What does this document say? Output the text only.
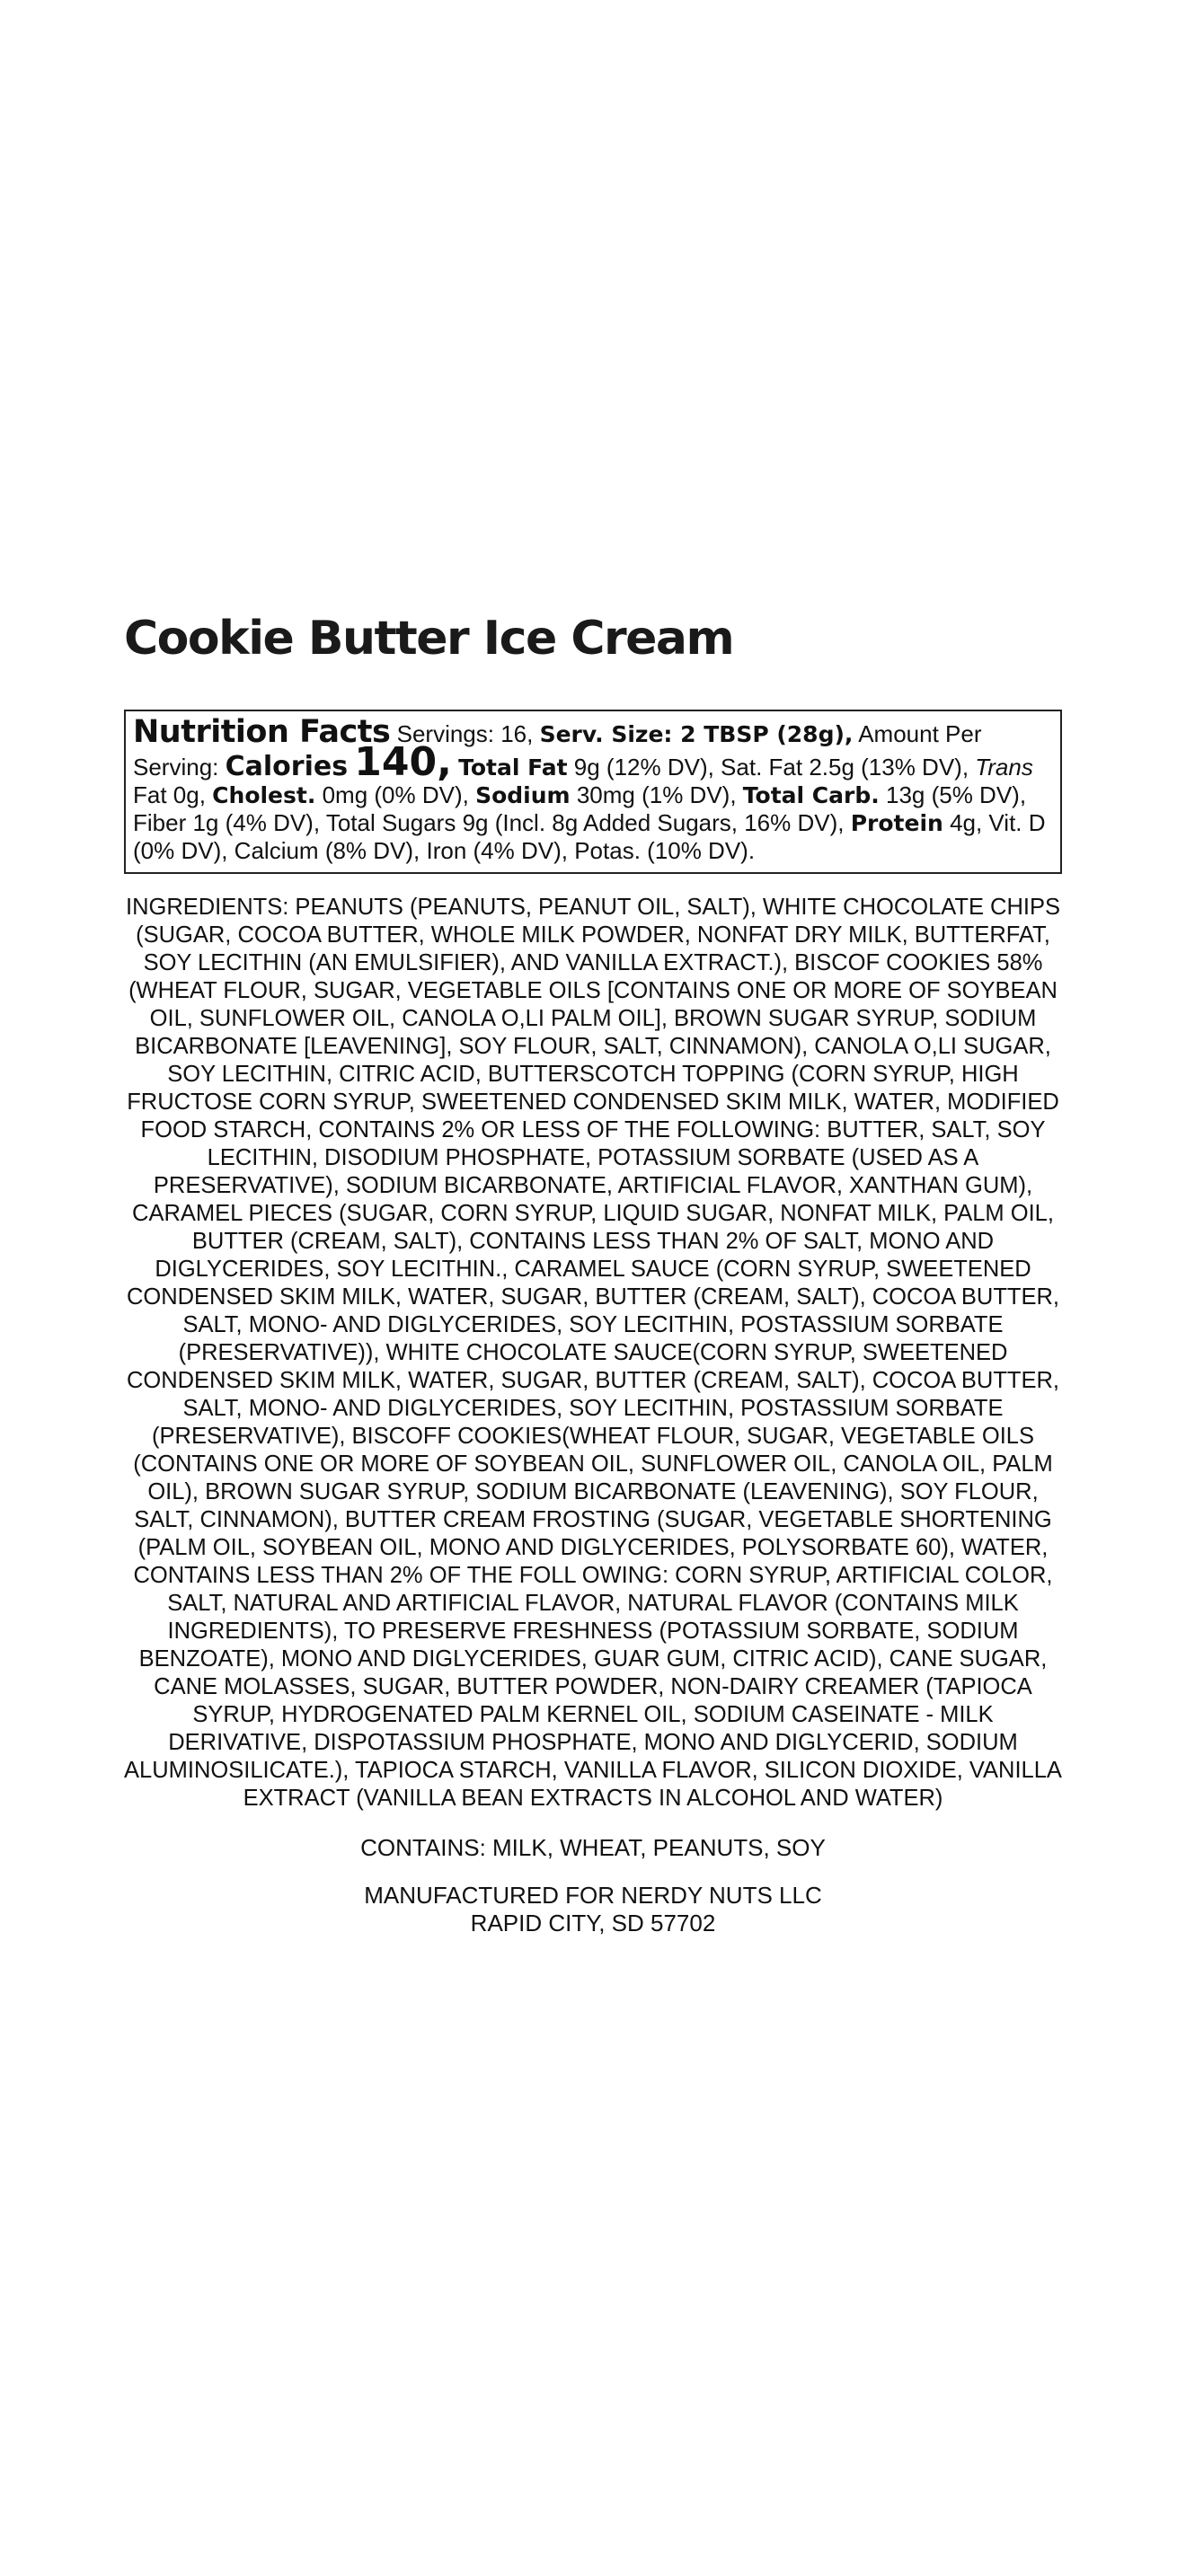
Cookie Butter Ice Cream
Nutrition Facts Servings: 16, Serv. Size: 2 TBSP (28g), Amount Per Serving: Calories 140, Total Fat 9g (12% DV), Sat. Fat 2.5g (13% DV), Trans Fat 0g, Cholest. 0mg (0% DV), Sodium 30mg (1% DV), Total Carb. 13g (5% DV), Fiber 1g (4% DV), Total Sugars 9g (Incl. 8g Added Sugars, 16% DV), Protein 4g, Vit. D (0% DV), Calcium (8% DV), Iron (4% DV), Potas. (10% DV).
INGREDIENTS: PEANUTS (PEANUTS, PEANUT OIL, SALT), WHITE CHOCOLATE CHIPS (SUGAR, COCOA BUTTER, WHOLE MILK POWDER, NONFAT DRY MILK, BUTTERFAT, SOY LECITHIN (AN EMULSIFIER), AND VANILLA EXTRACT.), BISCOF COOKIES 58% (WHEAT FLOUR, SUGAR, VEGETABLE OILS [CONTAINS ONE OR MORE OF SOYBEAN OIL, SUNFLOWER OIL, CANOLA O,LI PALM OIL], BROWN SUGAR SYRUP, SODIUM BICARBONATE [LEAVENING], SOY FLOUR, SALT, CINNAMON), CANOLA O,LI SUGAR, SOY LECITHIN, CITRIC ACID, BUTTERSCOTCH TOPPING (CORN SYRUP, HIGH FRUCTOSE CORN SYRUP, SWEETENED CONDENSED SKIM MILK, WATER, MODIFIED FOOD STARCH, CONTAINS 2% OR LESS OF THE FOLLOWING: BUTTER, SALT, SOY LECITHIN, DISODIUM PHOSPHATE, POTASSIUM SORBATE (USED AS A PRESERVATIVE), SODIUM BICARBONATE, ARTIFICIAL FLAVOR, XANTHAN GUM), CARAMEL PIECES (SUGAR, CORN SYRUP, LIQUID SUGAR, NONFAT MILK, PALM OIL, BUTTER (CREAM, SALT), CONTAINS LESS THAN 2% OF SALT, MONO AND DIGLYCERIDES, SOY LECITHIN., CARAMEL SAUCE (CORN SYRUP, SWEETENED CONDENSED SKIM MILK, WATER, SUGAR, BUTTER (CREAM, SALT), COCOA BUTTER, SALT, MONO- AND DIGLYCERIDES, SOY LECITHIN, POSTASSIUM SORBATE (PRESERVATIVE)), WHITE CHOCOLATE SAUCE(CORN SYRUP, SWEETENED CONDENSED SKIM MILK, WATER, SUGAR, BUTTER (CREAM, SALT), COCOA BUTTER, SALT, MONO- AND DIGLYCERIDES, SOY LECITHIN, POSTASSIUM SORBATE (PRESERVATIVE), BISCOFF COOKIES(WHEAT FLOUR, SUGAR, VEGETABLE OILS (CONTAINS ONE OR MORE OF SOYBEAN OIL, SUNFLOWER OIL, CANOLA OIL, PALM OIL), BROWN SUGAR SYRUP, SODIUM BICARBONATE (LEAVENING), SOY FLOUR, SALT, CINNAMON), BUTTER CREAM FROSTING (SUGAR, VEGETABLE SHORTENING (PALM OIL, SOYBEAN OIL, MONO AND DIGLYCERIDES, POLYSORBATE 60), WATER, CONTAINS LESS THAN 2% OF THE FOLL OWING: CORN SYRUP, ARTIFICIAL COLOR, SALT, NATURAL AND ARTIFICIAL FLAVOR, NATURAL FLAVOR (CONTAINS MILK INGREDIENTS), TO PRESERVE FRESHNESS (POTASSIUM SORBATE, SODIUM BENZOATE), MONO AND DIGLYCERIDES, GUAR GUM, CITRIC ACID), CANE SUGAR, CANE MOLASSES, SUGAR, BUTTER POWDER, NON-DAIRY CREAMER (TAPIOCA SYRUP, HYDROGENATED PALM KERNEL OIL, SODIUM CASEINATE - MILK DERIVATIVE, DISPOTASSIUM PHOSPHATE, MONO AND DIGLYCERID, SODIUM ALUMINOSILICATE.), TAPIOCA STARCH, VANILLA FLAVOR, SILICON DIOXIDE, VANILLA EXTRACT (VANILLA BEAN EXTRACTS IN ALCOHOL AND WATER)
CONTAINS: MILK, WHEAT, PEANUTS, SOY
MANUFACTURED FOR NERDY NUTS LLC
RAPID CITY, SD 57702
